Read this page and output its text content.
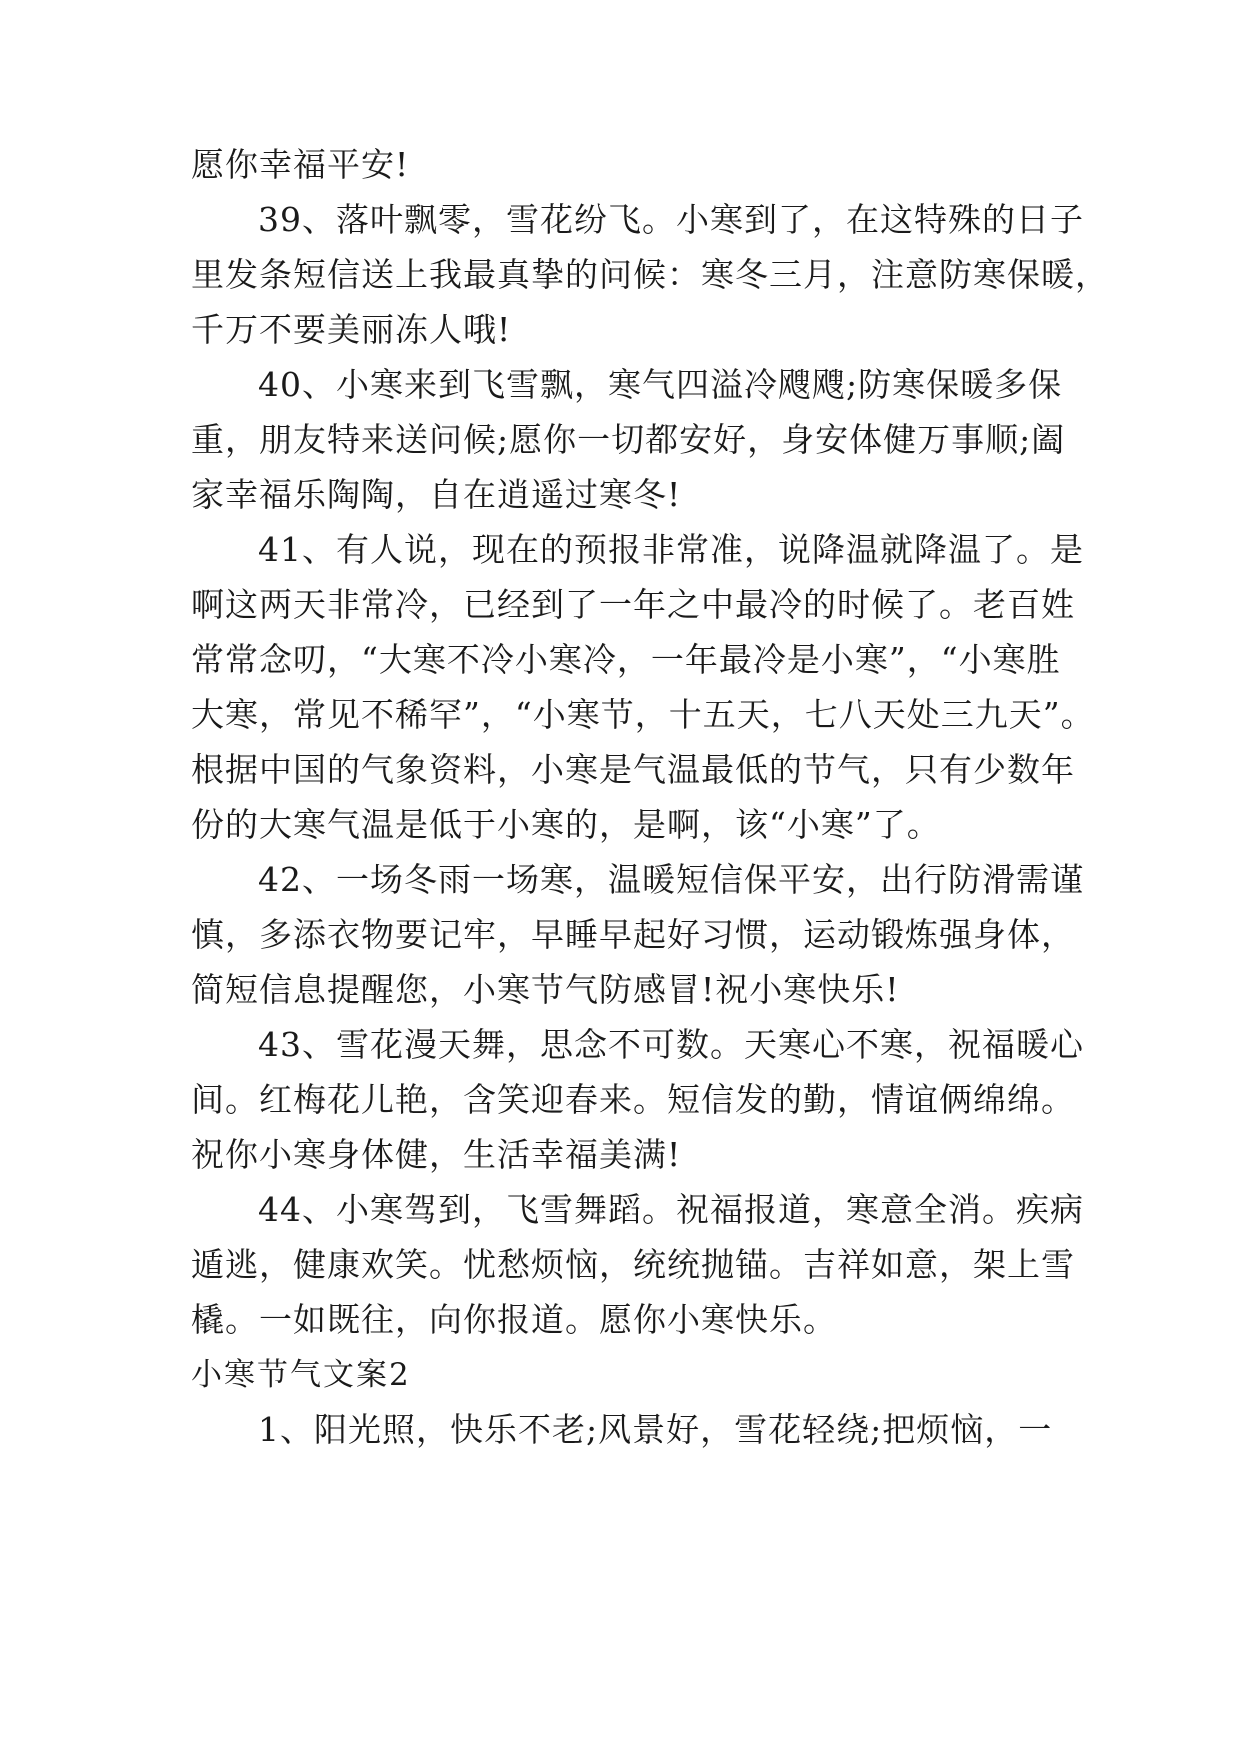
愿你幸福平安!
39、落叶飘零，雪花纷飞。小寒到了，在这特殊的日子
里发条短信送上我最真挚的问候：寒冬三月，注意防寒保暖，
千万不要美丽冻人哦!
40、小寒来到飞雪飘，寒气四溢冷飕飕;防寒保暖多保
重，朋友特来送问候;愿你一切都安好，身安体健万事顺;阖
家幸福乐陶陶，自在逍遥过寒冬!
41、有人说，现在的预报非常准，说降温就降温了。是
啊这两天非常冷，已经到了一年之中最冷的时候了。老百姓
常常念叨，“大寒不冷小寒冷，一年最冷是小寒”，“小寒胜
大寒，常见不稀罕”，“小寒节，十五天，七八天处三九天”。
根据中国的气象资料，小寒是气温最低的节气，只有少数年
份的大寒气温是低于小寒的，是啊，该“小寒”了。
42、一场冬雨一场寒，温暖短信保平安，出行防滑需谨
慎，多添衣物要记牢，早睡早起好习惯，运动锻炼强身体，
简短信息提醒您，小寒节气防感冒!祝小寒快乐!
43、雪花漫天舞，思念不可数。天寒心不寒，祝福暖心
间。红梅花儿艳，含笑迎春来。短信发的勤，情谊俩绵绵。
祝你小寒身体健，生活幸福美满!
44、小寒驾到，飞雪舞蹈。祝福报道，寒意全消。疾病
遁逃，健康欢笑。忧愁烦恼，统统抛锚。吉祥如意，架上雪
橇。一如既往，向你报道。愿你小寒快乐。
小寒节气文案2
1、阳光照，快乐不老;风景好，雪花轻绕;把烦恼，一
